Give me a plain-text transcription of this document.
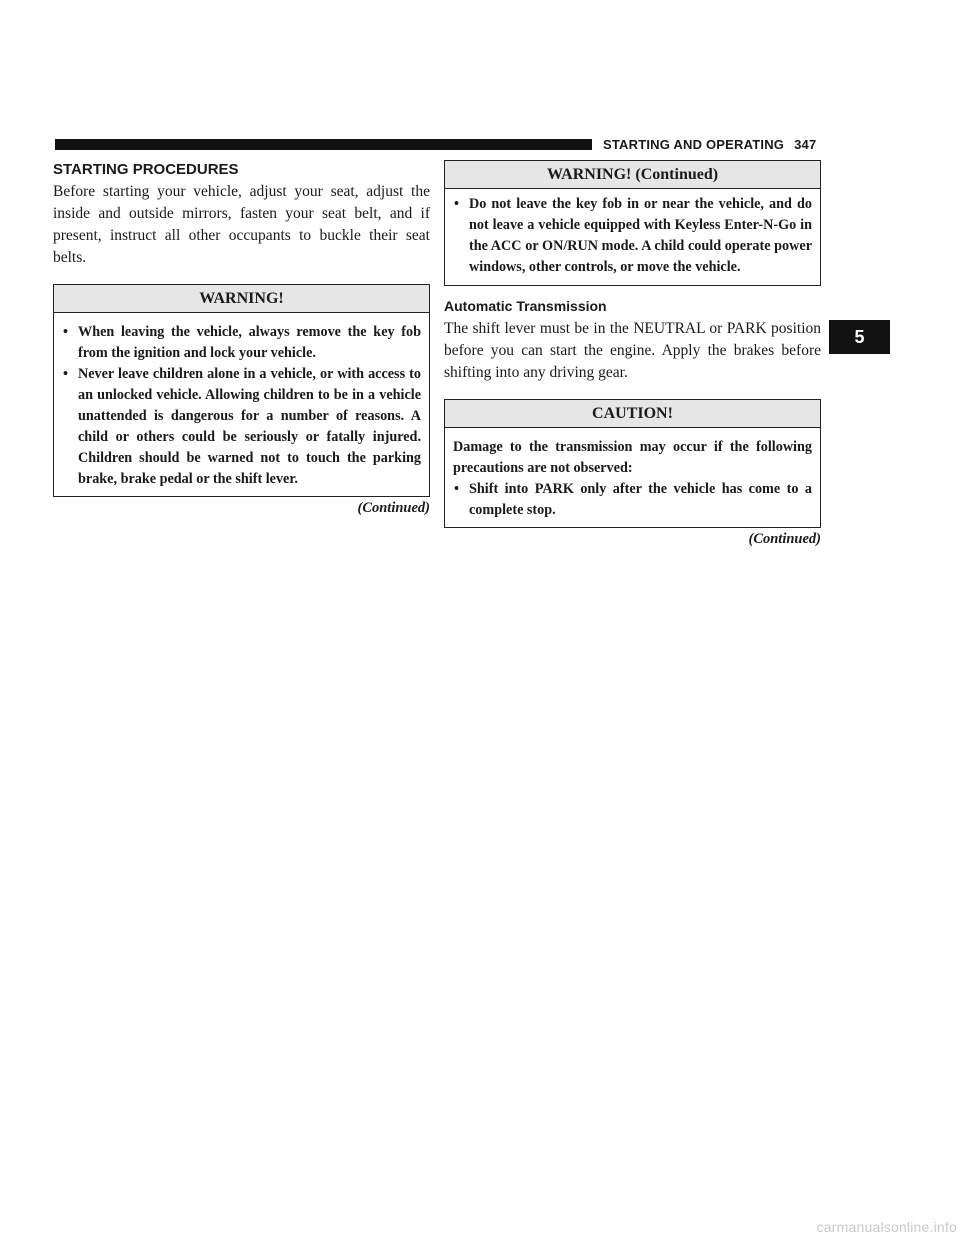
STARTING AND OPERATING 347
STARTING PROCEDURES

Before starting your vehicle, adjust your seat, adjust the inside and outside mirrors, fasten your seat belt, and if present, instruct all other occupants to buckle their seat belts.

WARNING!
• When leaving the vehicle, always remove the key fob from the ignition and lock your vehicle.
• Never leave children alone in a vehicle, or with access to an unlocked vehicle. Allowing children to be in a vehicle unattended is dangerous for a number of reasons. A child or others could be seriously or fatally injured. Children should be warned not to touch the parking brake, brake pedal or the shift lever.
(Continued)
WARNING! (Continued)
• Do not leave the key fob in or near the vehicle, and do not leave a vehicle equipped with Keyless Enter-N-Go in the ACC or ON/RUN mode. A child could operate power windows, other controls, or move the vehicle.
Automatic Transmission

The shift lever must be in the NEUTRAL or PARK position before you can start the engine. Apply the brakes before shifting into any driving gear.

CAUTION!

Damage to the transmission may occur if the following precautions are not observed:

• Shift into PARK only after the vehicle has come to a complete stop.
(Continued)
5
carmanualsonline.info
